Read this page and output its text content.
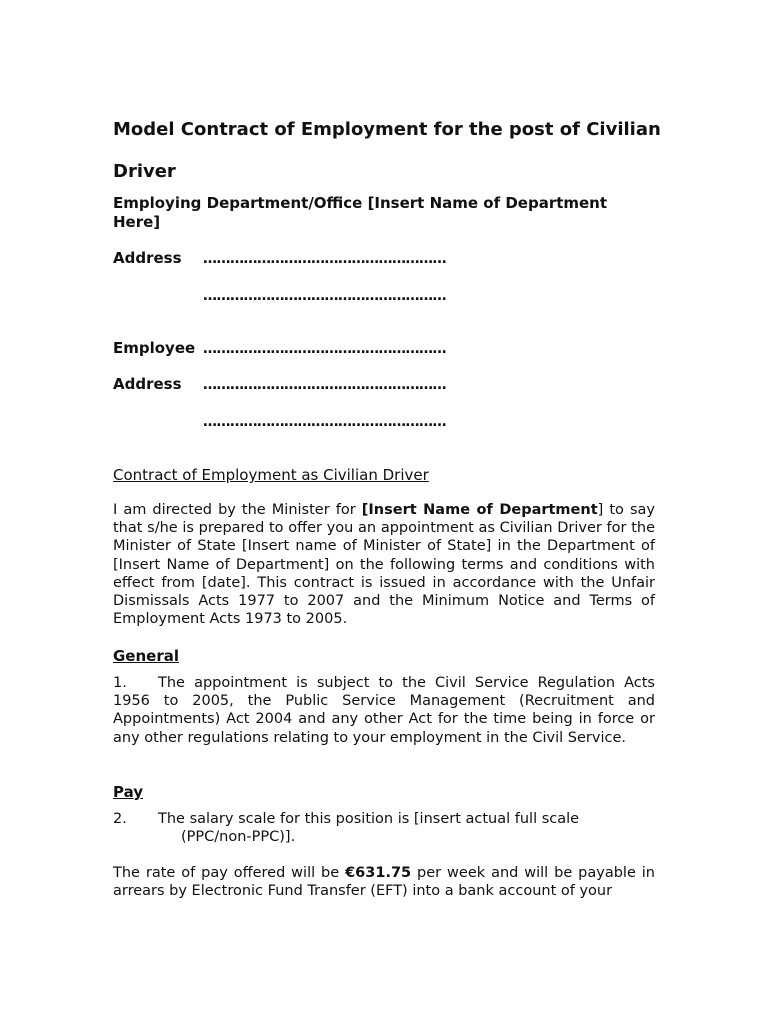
Model Contract of Employment for the post of Civilian Driver

Employing Department/Office [Insert Name of Department Here]

Address ………………………………………………
………………………………………………
Employee ………………………………………………
Address ………………………………………………
………………………………………………
Contract of Employment as Civilian Driver

I am directed by the Minister for [Insert Name of Department] to say that s/he is prepared to offer you an appointment as Civilian Driver for the Minister of State [Insert name of Minister of State] in the Department of [Insert Name of Department] on the following terms and conditions with effect from [date]. This contract is issued in accordance with the Unfair Dismissals Acts 1977 to 2007 and the Minimum Notice and Terms of Employment Acts 1973 to 2005.

General

1. The appointment is subject to the Civil Service Regulation Acts 1956 to 2005, the Public Service Management (Recruitment and Appointments) Act 2004 and any other Act for the time being in force or any other regulations relating to your employment in the Civil Service.

Pay

2. The salary scale for this position is [insert actual full scale
(PPC/non-PPC)].

The rate of pay offered will be €631.75 per week and will be payable in arrears by Electronic Fund Transfer (EFT) into a bank account of your
